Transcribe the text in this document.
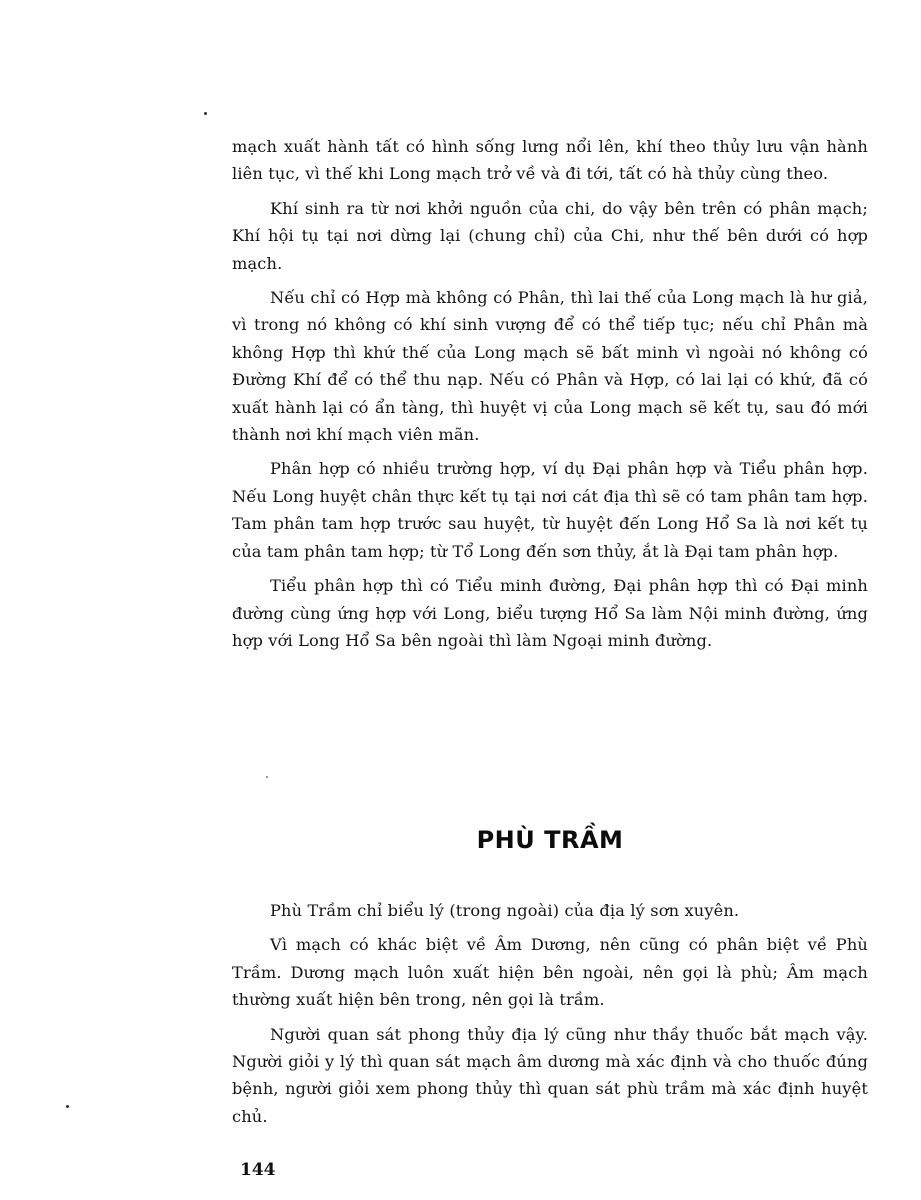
mạch xuất hành tất có hình sống lưng nổi lên, khí theo thủy lưu vận hành liên tục, vì thế khi Long mạch trở về và đi tới, tất có hà thủy cùng theo.

Khí sinh ra từ nơi khởi nguồn của chi, do vậy bên trên có phân mạch; Khí hội tụ tại nơi dừng lại (chung chỉ) của Chi, như thế bên dưới có hợp mạch.

Nếu chỉ có Hợp mà không có Phân, thì lai thế của Long mạch là hư giả, vì trong nó không có khí sinh vượng để có thể tiếp tục; nếu chỉ Phân mà không Hợp thì khứ thế của Long mạch sẽ bất minh vì ngoài nó không có Đường Khí để có thể thu nạp. Nếu có Phân và Hợp, có lai lại có khứ, đã có xuất hành lại có ẩn tàng, thì huyệt vị của Long mạch sẽ kết tụ, sau đó mới thành nơi khí mạch viên mãn.

Phân hợp có nhiều trường hợp, ví dụ Đại phân hợp và Tiểu phân hợp. Nếu Long huyệt chân thực kết tụ tại nơi cát địa thì sẽ có tam phân tam hợp. Tam phân tam hợp trước sau huyệt, từ huyệt đến Long Hổ Sa là nơi kết tụ của tam phân tam hợp; từ Tổ Long đến sơn thủy, ắt là Đại tam phân hợp.

Tiểu phân hợp thì có Tiểu minh đường, Đại phân hợp thì có Đại minh đường cùng ứng hợp với Long, biểu tượng Hổ Sa làm Nội minh đường, ứng hợp với Long Hổ Sa bên ngoài thì làm Ngoại minh đường.

PHÙ TRẦM

Phù Trầm chỉ biểu lý (trong ngoài) của địa lý sơn xuyên.

Vì mạch có khác biệt về Âm Dương, nên cũng có phân biệt về Phù Trầm. Dương mạch luôn xuất hiện bên ngoài, nên gọi là phù; Âm mạch thường xuất hiện bên trong, nên gọi là trầm.

Người quan sát phong thủy địa lý cũng như thầy thuốc bắt mạch vậy. Người giỏi y lý thì quan sát mạch âm dương mà xác định và cho thuốc đúng bệnh, người giỏi xem phong thủy thì quan sát phù trầm mà xác định huyệt chủ.

144
